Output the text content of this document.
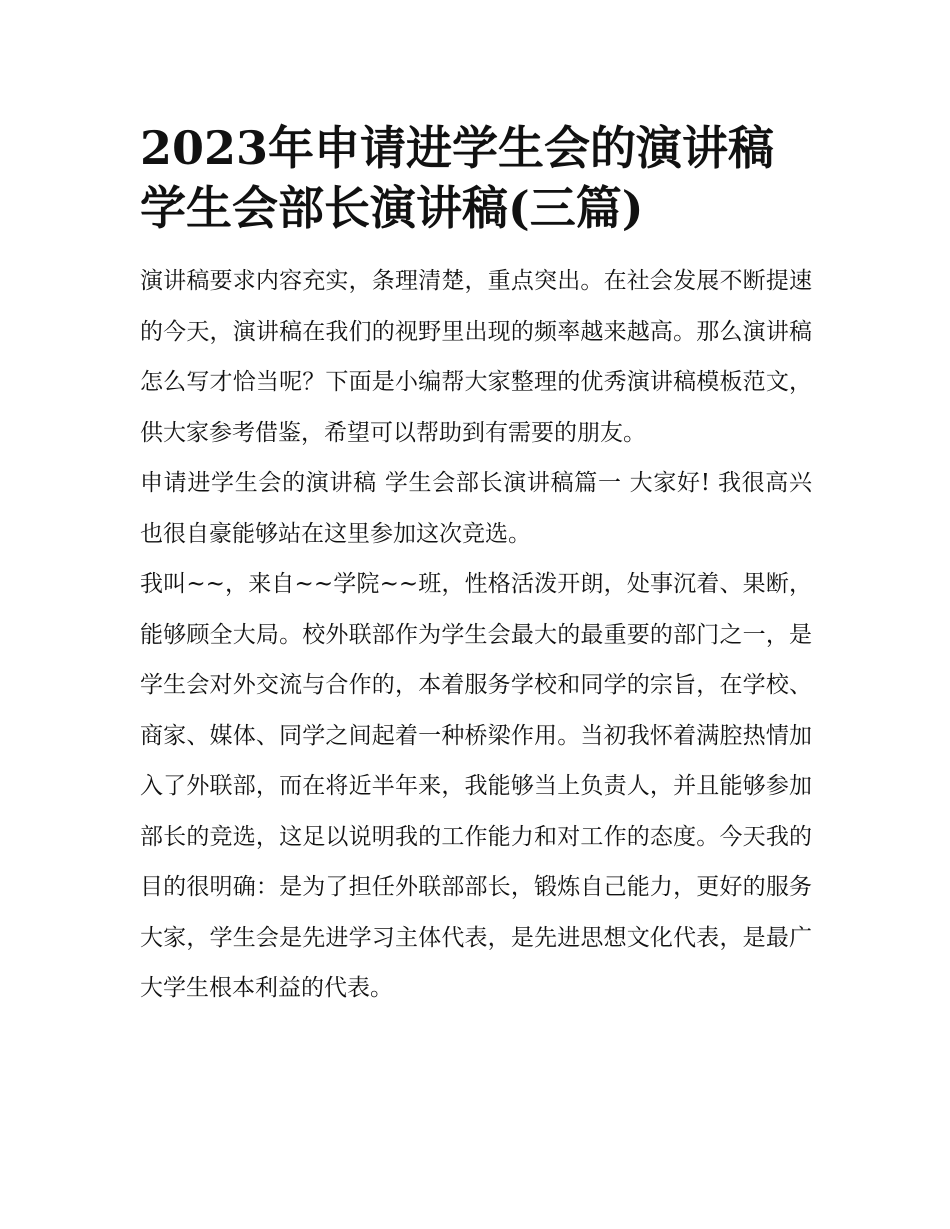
2023年申请进学生会的演讲稿
学生会部长演讲稿(三篇)

演讲稿要求内容充实，条理清楚，重点突出。在社会发展不断提速的今天，演讲稿在我们的视野里出现的频率越来越高。那么演讲稿怎么写才恰当呢？下面是小编帮大家整理的优秀演讲稿模板范文，供大家参考借鉴，希望可以帮助到有需要的朋友。

申请进学生会的演讲稿 学生会部长演讲稿篇一 大家好! 我很高兴也很自豪能够站在这里参加这次竞选。

我叫~~，来自~~学院~~班，性格活泼开朗，处事沉着、果断，能够顾全大局。校外联部作为学生会最大的最重要的部门之一，是学生会对外交流与合作的，本着服务学校和同学的宗旨，在学校、商家、媒体、同学之间起着一种桥梁作用。当初我怀着满腔热情加入了外联部，而在将近半年来，我能够当上负责人，并且能够参加部长的竞选，这足以说明我的工作能力和对工作的态度。今天我的目的很明确：是为了担任外联部部长，锻炼自己能力，更好的服务大家，学生会是先进学习主体代表，是先进思想文化代表，是最广大学生根本利益的代表。
